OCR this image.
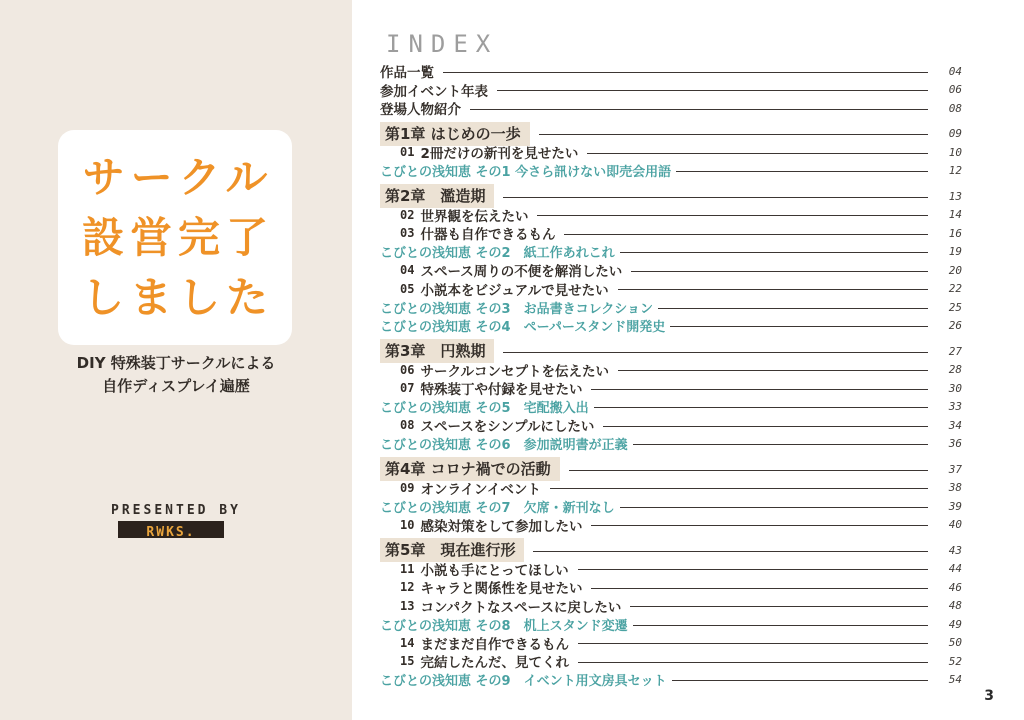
サークル
設営完了
しました
DIY 特殊装丁サークルによる
自作ディスプレイ遍歴
PRESENTED BY
RWKS.
INDEX
作品一覧	04
参加イベント年表	06
登場人物紹介	08
第1章 はじめの一歩	09
01 2冊だけの新刊を見せたい	10
こびとの浅知恵 その1 今さら訊けない即売会用語	12
第2章　濫造期	13
02 世界観を伝えたい	14
03 什器も自作できるもん	16
こびとの浅知恵 その2　紙工作あれこれ	19
04 スペース周りの不便を解消したい	20
05 小説本をビジュアルで見せたい	22
こびとの浅知恵 その3　お品書きコレクション	25
こびとの浅知恵 その4　ペーパースタンド開発史	26
第3章　円熟期	27
06 サークルコンセプトを伝えたい	28
07 特殊装丁や付録を見せたい	30
こびとの浅知恵 その5　宅配搬入出	33
08 スペースをシンプルにしたい	34
こびとの浅知恵 その6　参加説明書が正義	36
第4章 コロナ禍での活動	37
09 オンラインイベント	38
こびとの浅知恵 その7　欠席・新刊なし	39
10 感染対策をして参加したい	40
第5章　現在進行形	43
11 小説も手にとってほしい	44
12 キャラと関係性を見せたい	46
13 コンパクトなスペースに戻したい	48
こびとの浅知恵 その8　机上スタンド変遷	49
14 まだまだ自作できるもん	50
15 完結したんだ、見てくれ	52
こびとの浅知恵 その9　イベント用文房具セット	54
3
